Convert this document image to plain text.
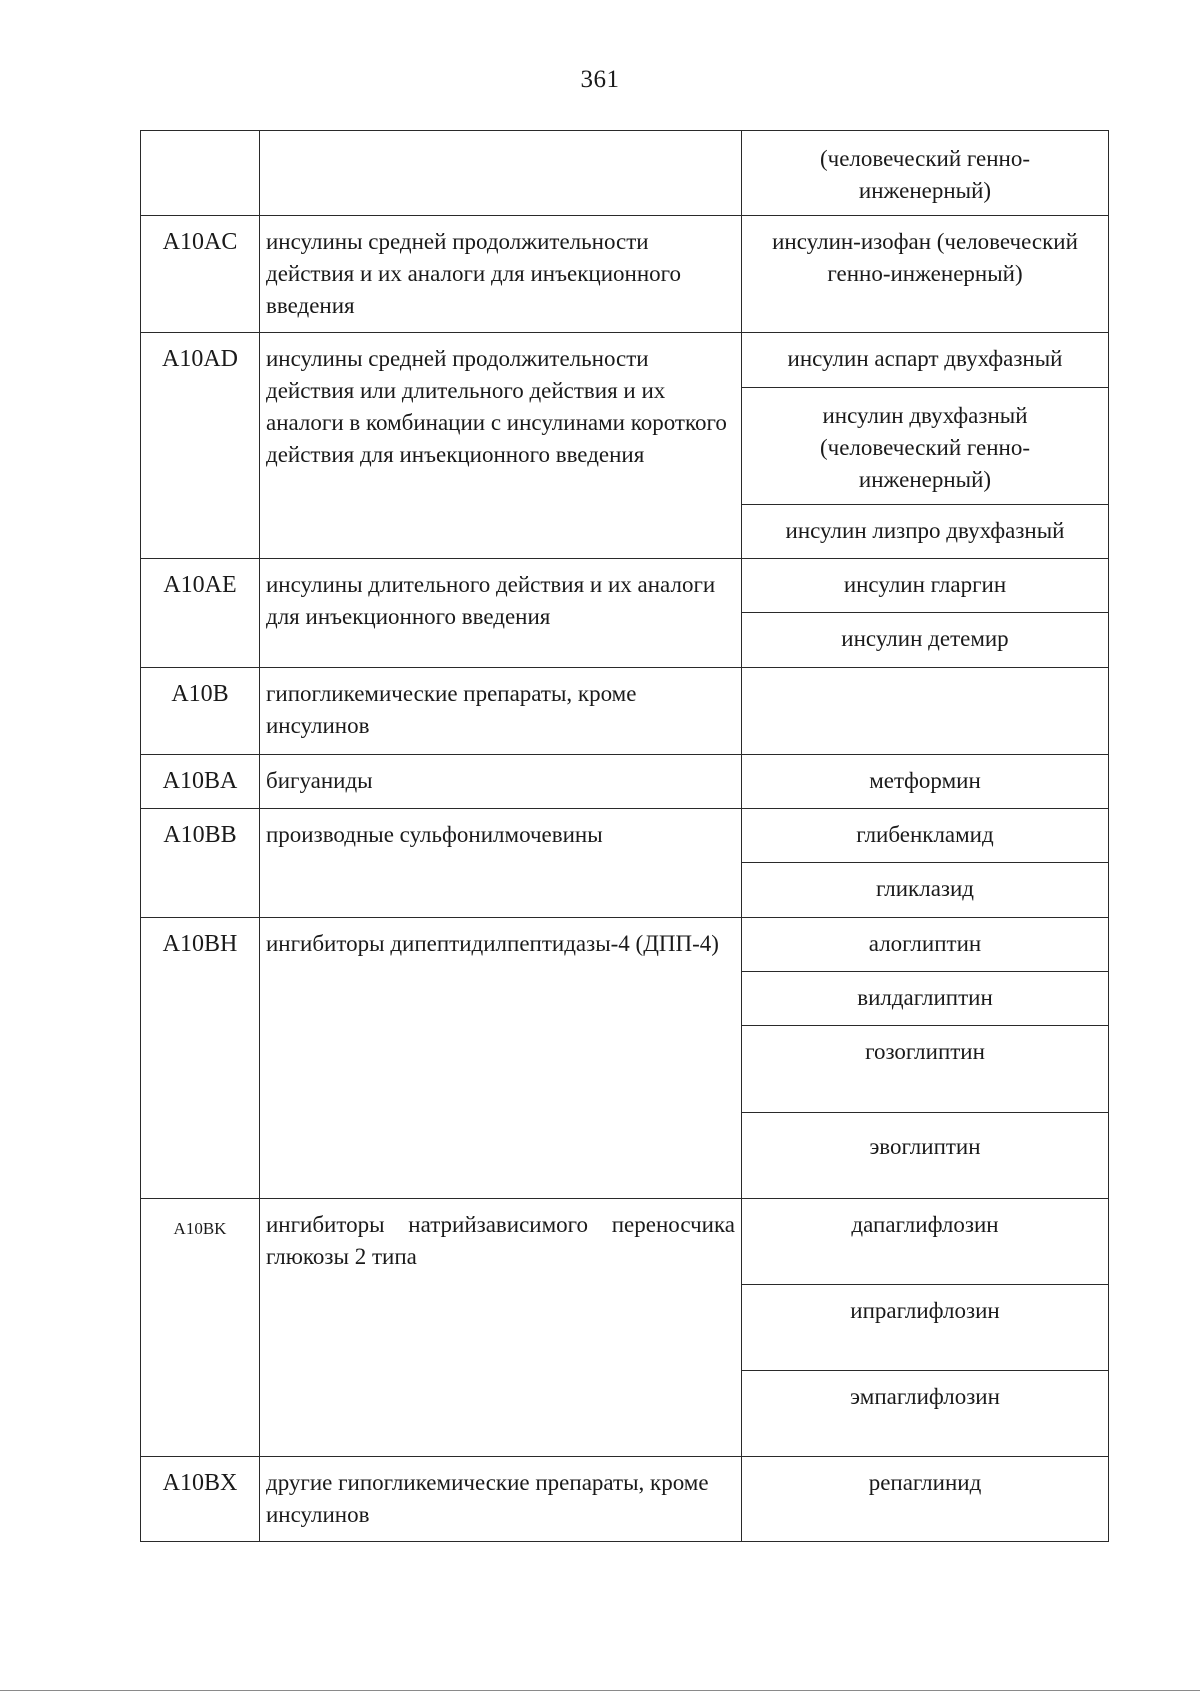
361

		(человеческий генно-инженерный)

A10AC	инсулины средней продолжительности действия и их аналоги для инъекционного введения	инсулин-изофан (человеческий генно-инженерный)

A10AD	инсулины средней продолжительности действия или длительного действия и их аналоги в комбинации с инсулинами короткого действия для инъекционного введения	инсулин аспарт двухфазный
инсулин двухфазный (человеческий генно-инженерный)
инсулин лизпро двухфазный

A10AE	инсулины длительного действия и их аналоги для инъекционного введения	инсулин гларгин
инсулин детемир

A10B	гипогликемические препараты, кроме инсулинов	

A10BA	бигуаниды	метформин

A10BB	производные сульфонилмочевины	глибенкламид
гликлазид

A10BH	ингибиторы дипептидилпептидазы-4 (ДПП-4)	алоглиптин
вилдаглиптин
гозоглиптин
эвоглиптин

A10BK	ингибиторы натрийзависимого переносчика глюкозы 2 типа	дапаглифлозин
ипраглифлозин
эмпаглифлозин

A10BX	другие гипогликемические препараты, кроме инсулинов	репаглинид
